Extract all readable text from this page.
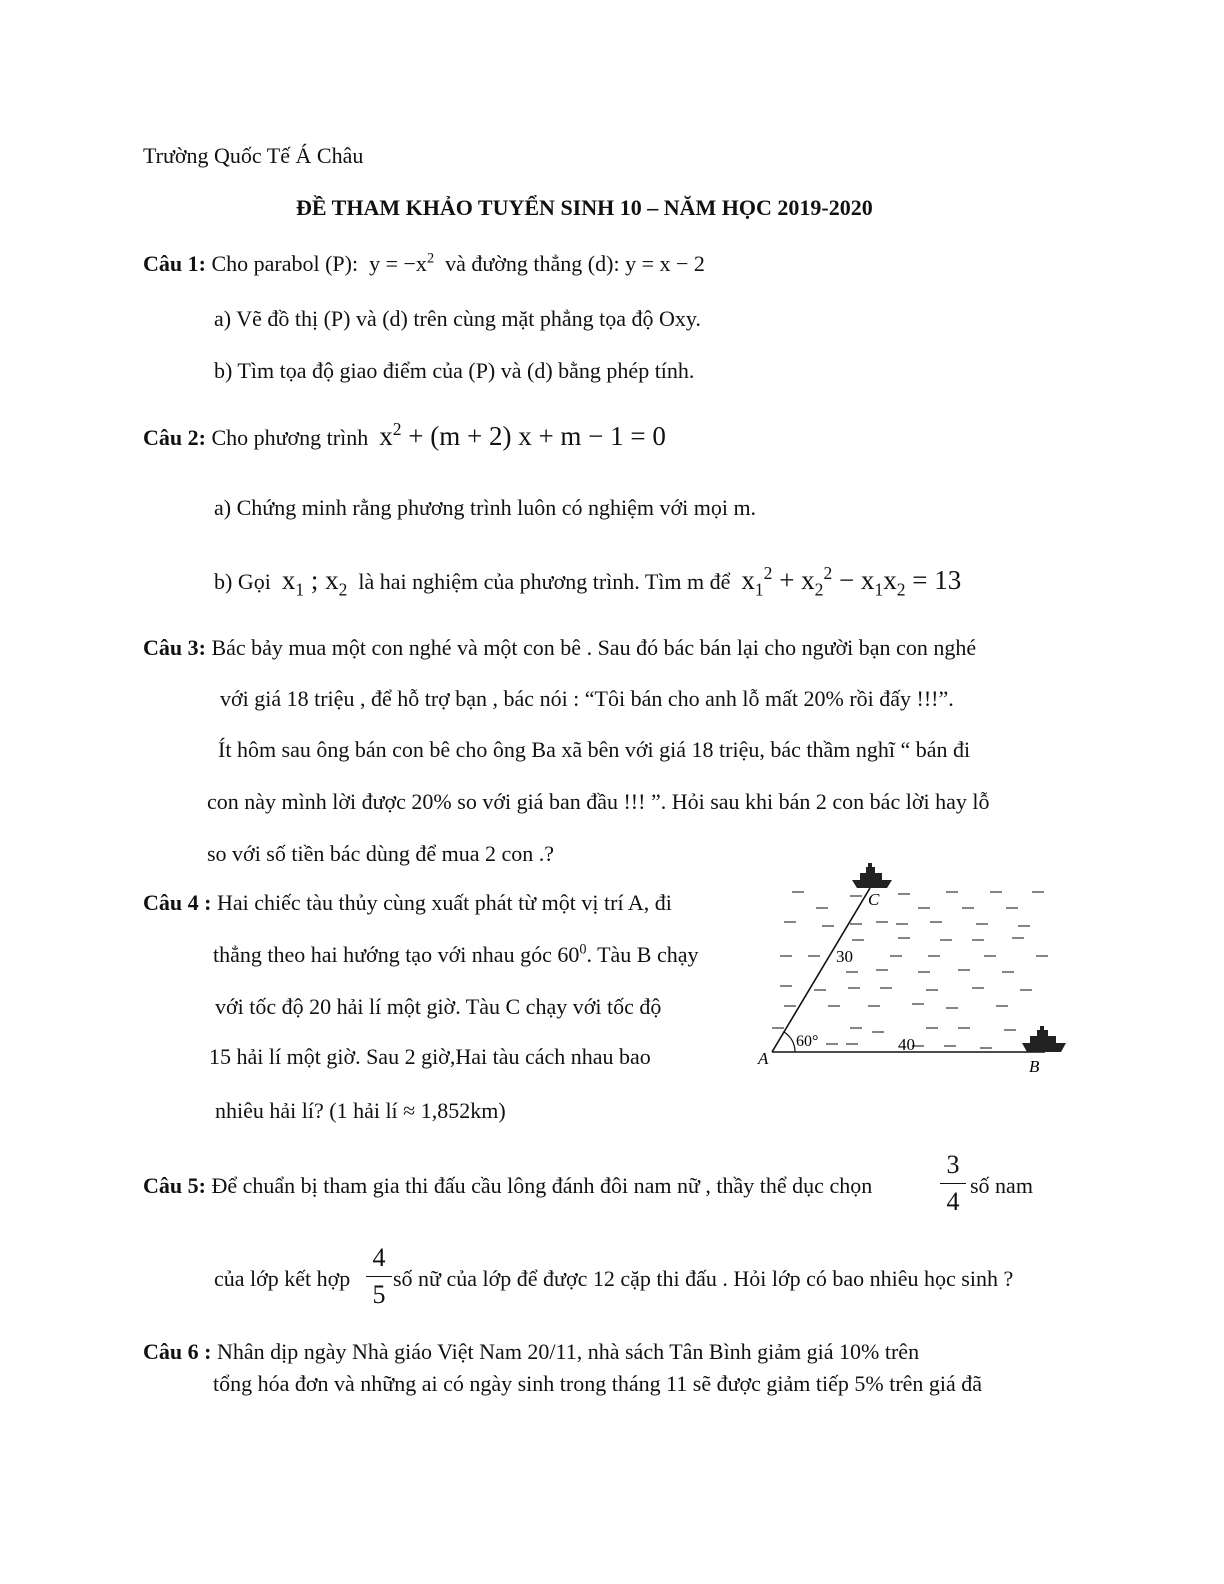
Trường Quốc Tế Á Châu
ĐỀ THAM KHẢO TUYỂN SINH 10 – NĂM HỌC 2019-2020
Câu 1: Cho parabol (P): $y = -x^2$ và đường thẳng (d): y = x − 2
a) Vẽ đồ thị (P) và (d) trên cùng mặt phẳng tọa độ Oxy.
b) Tìm tọa độ giao điểm của (P) và (d) bằng phép tính.
Câu 2: Cho phương trình $x^2 + (m + 2) x + m - 1 = 0$
a) Chứng minh rằng phương trình luôn có nghiệm với mọi m.
b) Gọi $x_1$ ; $x_2$ là hai nghiệm của phương trình. Tìm m để $x_1^2 + x_2^2 - x_1x_2 = 13$
Câu 3: Bác bảy mua một con nghé và một con bê . Sau đó bác bán lại cho người bạn con nghé
với giá 18 triệu , để hỗ trợ bạn , bác nói : “Tôi bán cho anh lỗ mất 20% rồi đấy !!!”.
Ít hôm sau ông bán con bê cho ông Ba xã bên với giá 18 triệu, bác thầm nghĩ “ bán đi
con này mình lời được 20% so với giá ban đầu !!! ”. Hỏi sau khi bán 2 con bác lời hay lỗ
so với số tiền bác dùng để mua 2 con .?
Câu 4 : Hai chiếc tàu thủy cùng xuất phát từ một vị trí A, đi
thẳng theo hai hướng tạo với nhau góc $60^0$. Tàu B chạy
với tốc độ 20 hải lí một giờ. Tàu C chạy với tốc độ
15 hải lí một giờ. Sau 2 giờ,Hai tàu cách nhau bao
nhiêu hải lí? (1 hải lí ≈ 1,852km)
C
A	B
60°
30
40
Câu 5: Để chuẩn bị tham gia thi đấu cầu lông đánh đôi nam nữ , thầy thể dục chọn
3
4
số nam
của lớp kết hợp
4
5
số nữ của lớp để được 12 cặp thi đấu . Hỏi lớp có bao nhiêu học sinh ?
Câu 6 : Nhân dịp ngày Nhà giáo Việt Nam 20/11, nhà sách Tân Bình giảm giá 10% trên
tổng hóa đơn và những ai có ngày sinh trong tháng 11 sẽ được giảm tiếp 5% trên giá đã
